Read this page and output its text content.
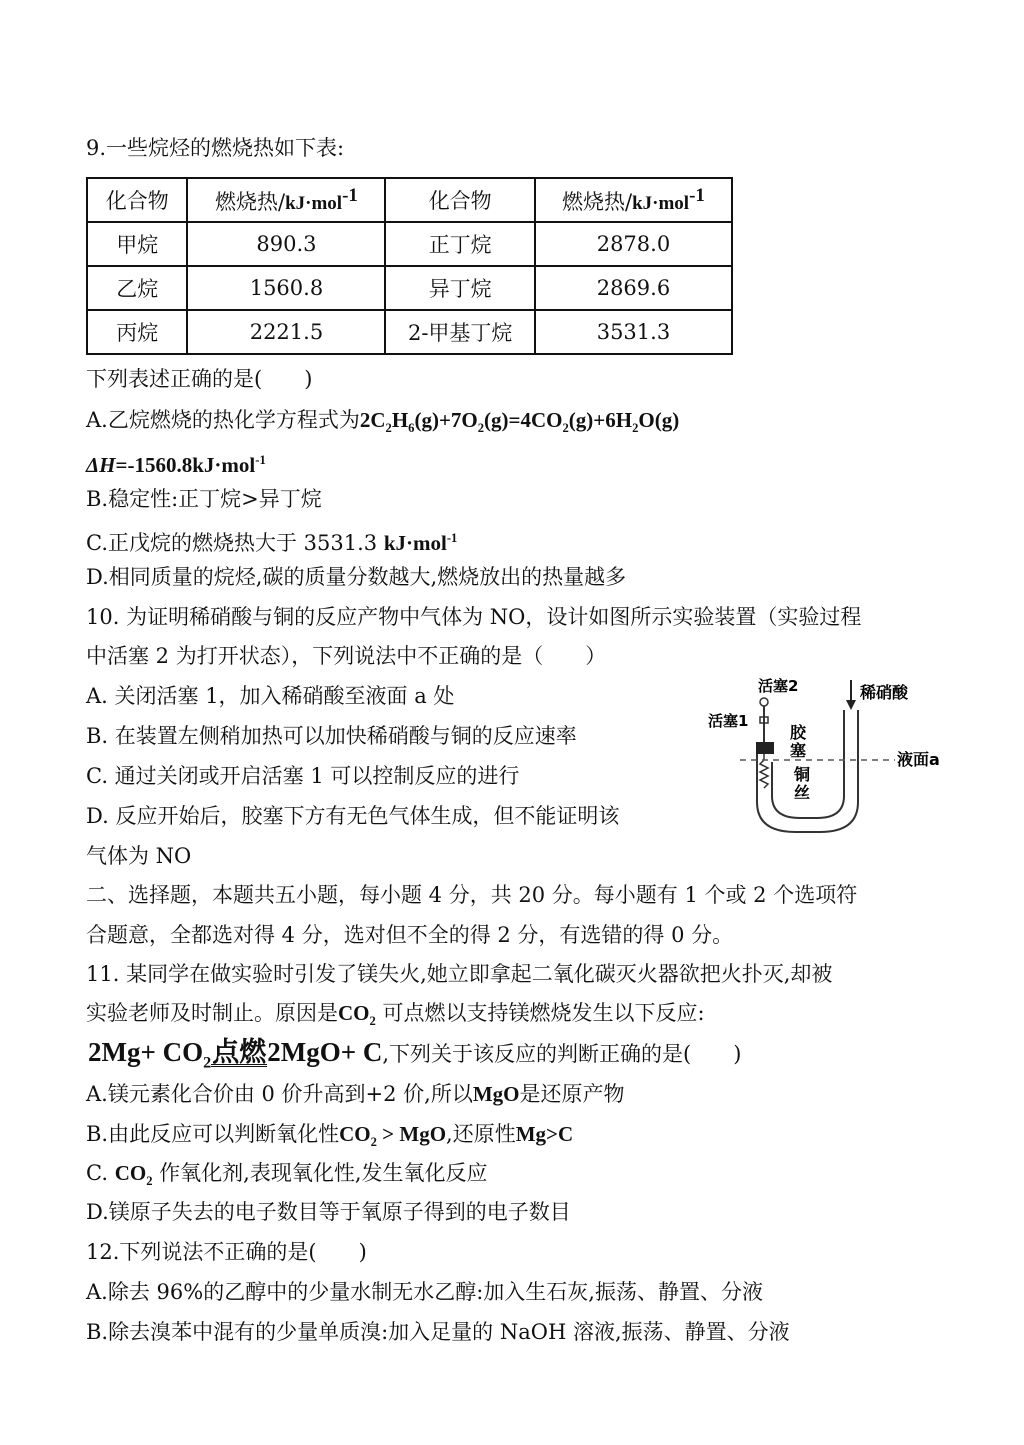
9.一些烷烃的燃烧热如下表:
化合物	燃烧热/kJ·mol$^{-1}$	化合物	燃烧热/kJ·mol$^{-1}$
甲烷	890.3	正丁烷	2878.0
乙烷	1560.8	异丁烷	2869.6
丙烷	2221.5	2-甲基丁烷	3531.3
下列表述正确的是(　　)
A.乙烷燃烧的热化学方程式为$2C_2H_6(g)+7O_2(g)=4CO_2(g)+6H_2O(g)$
ΔH=-1560.8kJ·mol$^{-1}$
B.稳定性:正丁烷>异丁烷
C.正戊烷的燃烧热大于 3531.3 kJ·mol$^{-1}$
D.相同质量的烷烃,碳的质量分数越大,燃烧放出的热量越多
10. 为证明稀硝酸与铜的反应产物中气体为 NO，设计如图所示实验装置（实验过程
中活塞 2 为打开状态），下列说法中不正确的是（　　）
A. 关闭活塞 1，加入稀硝酸至液面 a 处
B. 在装置左侧稍加热可以加快稀硝酸与铜的反应速率
C. 通过关闭或开启活塞 1 可以控制反应的进行
D. 反应开始后，胶塞下方有无色气体生成，但不能证明该
气体为 NO
活塞2
活塞1
稀硝酸
胶
塞	液面a
铜
丝
二、选择题，本题共五小题，每小题 4 分，共 20 分。每小题有 1 个或 2 个选项符
合题意，全都选对得 4 分，选对但不全的得 2 分，有选错的得 0 分。
11. 某同学在做实验时引发了镁失火,她立即拿起二氧化碳灭火器欲把火扑灭,却被
实验老师及时制止。原因是$CO_2$ 可点燃以支持镁燃烧发生以下反应:
$2Mg+ CO_2$点燃2MgO+ C,下列关于该反应的判断正确的是(　　)
A.镁元素化合价由 0 价升高到+2 价,所以MgO是还原产物
B.由此反应可以判断氧化性$CO_2$ > MgO,还原性Mg>C
C. $CO_2$ 作氧化剂,表现氧化性,发生氧化反应
D.镁原子失去的电子数目等于氧原子得到的电子数目
12.下列说法不正确的是(　　)
A.除去 96%的乙醇中的少量水制无水乙醇:加入生石灰,振荡、静置、分液
B.除去溴苯中混有的少量单质溴:加入足量的 NaOH 溶液,振荡、静置、分液
